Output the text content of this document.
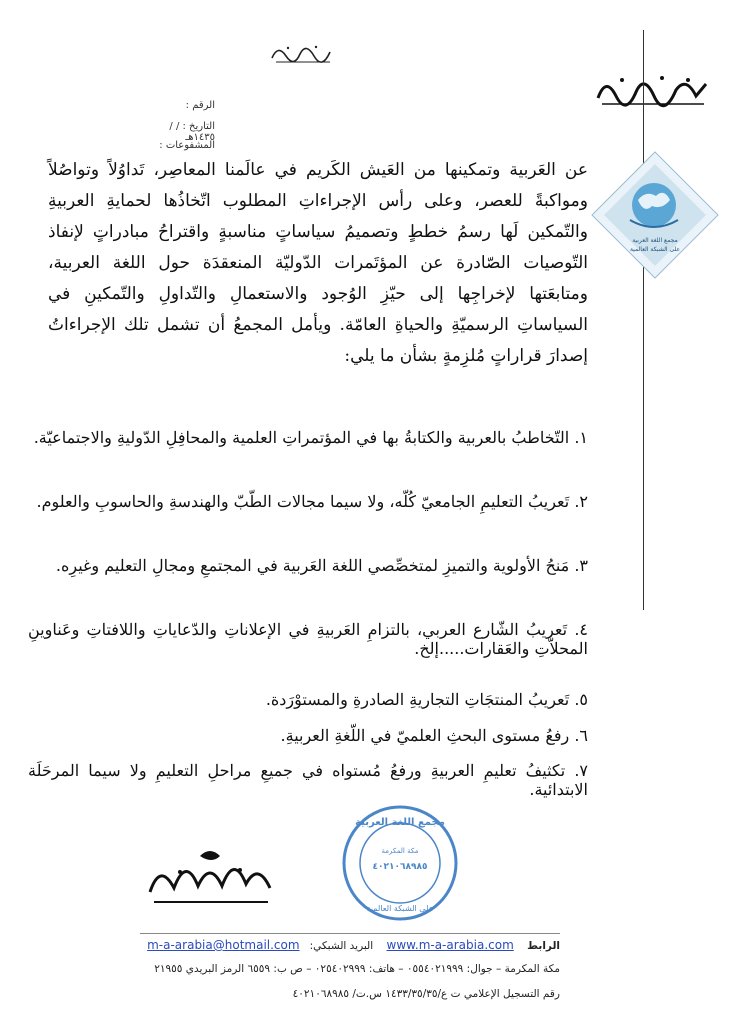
الرقم :
التاريخ : / /١٤٣٥هـ
المشفوعات :
مجمع اللغة العربية
على الشبكة العالمية
عن العَربية وتمكينها من العَيش الكَريم في عالَمنا المعاصِر، تَداوُلاً وتواصُلاً ومواكبةً للعصر، وعلى رأس الإجراءاتِ المطلوب اتّخاذُها لحمايةِ العربيةِ والتّمكين لَها رسمُ خططٍ وتصميمُ سياساتٍ مناسبةٍ واقتراحُ مبادراتٍ لإنفاذ التّوصيات الصّادرة عن المؤتَمرات الدّوليّة المنعقدَة حول اللغة العربية، ومتابعَتها لإخراجِها إلى حيّزِ الوُجود والاستعمالِ والتّداولِ والتّمكينِ في السياساتِ الرسميّةِ والحياةِ العامّة. ويأمل المجمعُ أن تشمل تلك الإجراءاتُ إصدارَ قراراتٍ مُلزِمةٍ بشأن ما يلي:
١. التّخاطبُ بالعربية والكتابةُ بها في المؤتمراتِ العلمية والمحافِلِ الدّوليةِ والاجتماعيّة.
٢. تَعريبُ التعليمِ الجامعيّ كُلّه، ولا سيما مجالات الطّبّ والهندسةِ والحاسوبِ والعلوم.
٣. مَنحُ الأولوية والتميزِ لمتخصِّصي اللغة العَربية في المجتمعِ ومجالِ التعليم وغيرِه.
٤. تَعريبُ الشّارع العربي، بالتزامِ العَربيةِ في الإعلاناتِ والدّعاياتِ واللافتاتِ وعَناوينِ المحلاّتِ والعَقارات.....إلخ.
٥. تَعريبُ المنتجَاتِ التجاريةِ الصادرةِ والمستوْرَدة.
٦. رفعُ مستوى البحثِ العلميّ في اللّغةِ العربيةِ.
٧. تكثيفُ تعليمِ العربيةِ ورفعُ مُستواه في جميعِ مراحلِ التعليمِ ولا سيما المرحَلَة الابتدائية.
مجمع اللغة العربية
مكة المكرمة
٤٠٢١٠٦٨٩٨٥
على الشبكة العالمية
الرابط    www.m-a-arabia.com    البريد الشبكي:   m-a-arabia@hotmail.com
مكة المكرمة – جوال: ٠٥٥٤٠٢١٩٩٩ – هاتف: ٠٢٥٤٠٢٩٩٩ – ص ب: ٦٥٥٩ الرمز البريدي ٢١٩٥٥
رقم التسجيل الإعلامي ت ع/١٤٣٣/٣٥/٣٥ س.ت/ ٤٠٢١٠٦٨٩٨٥
